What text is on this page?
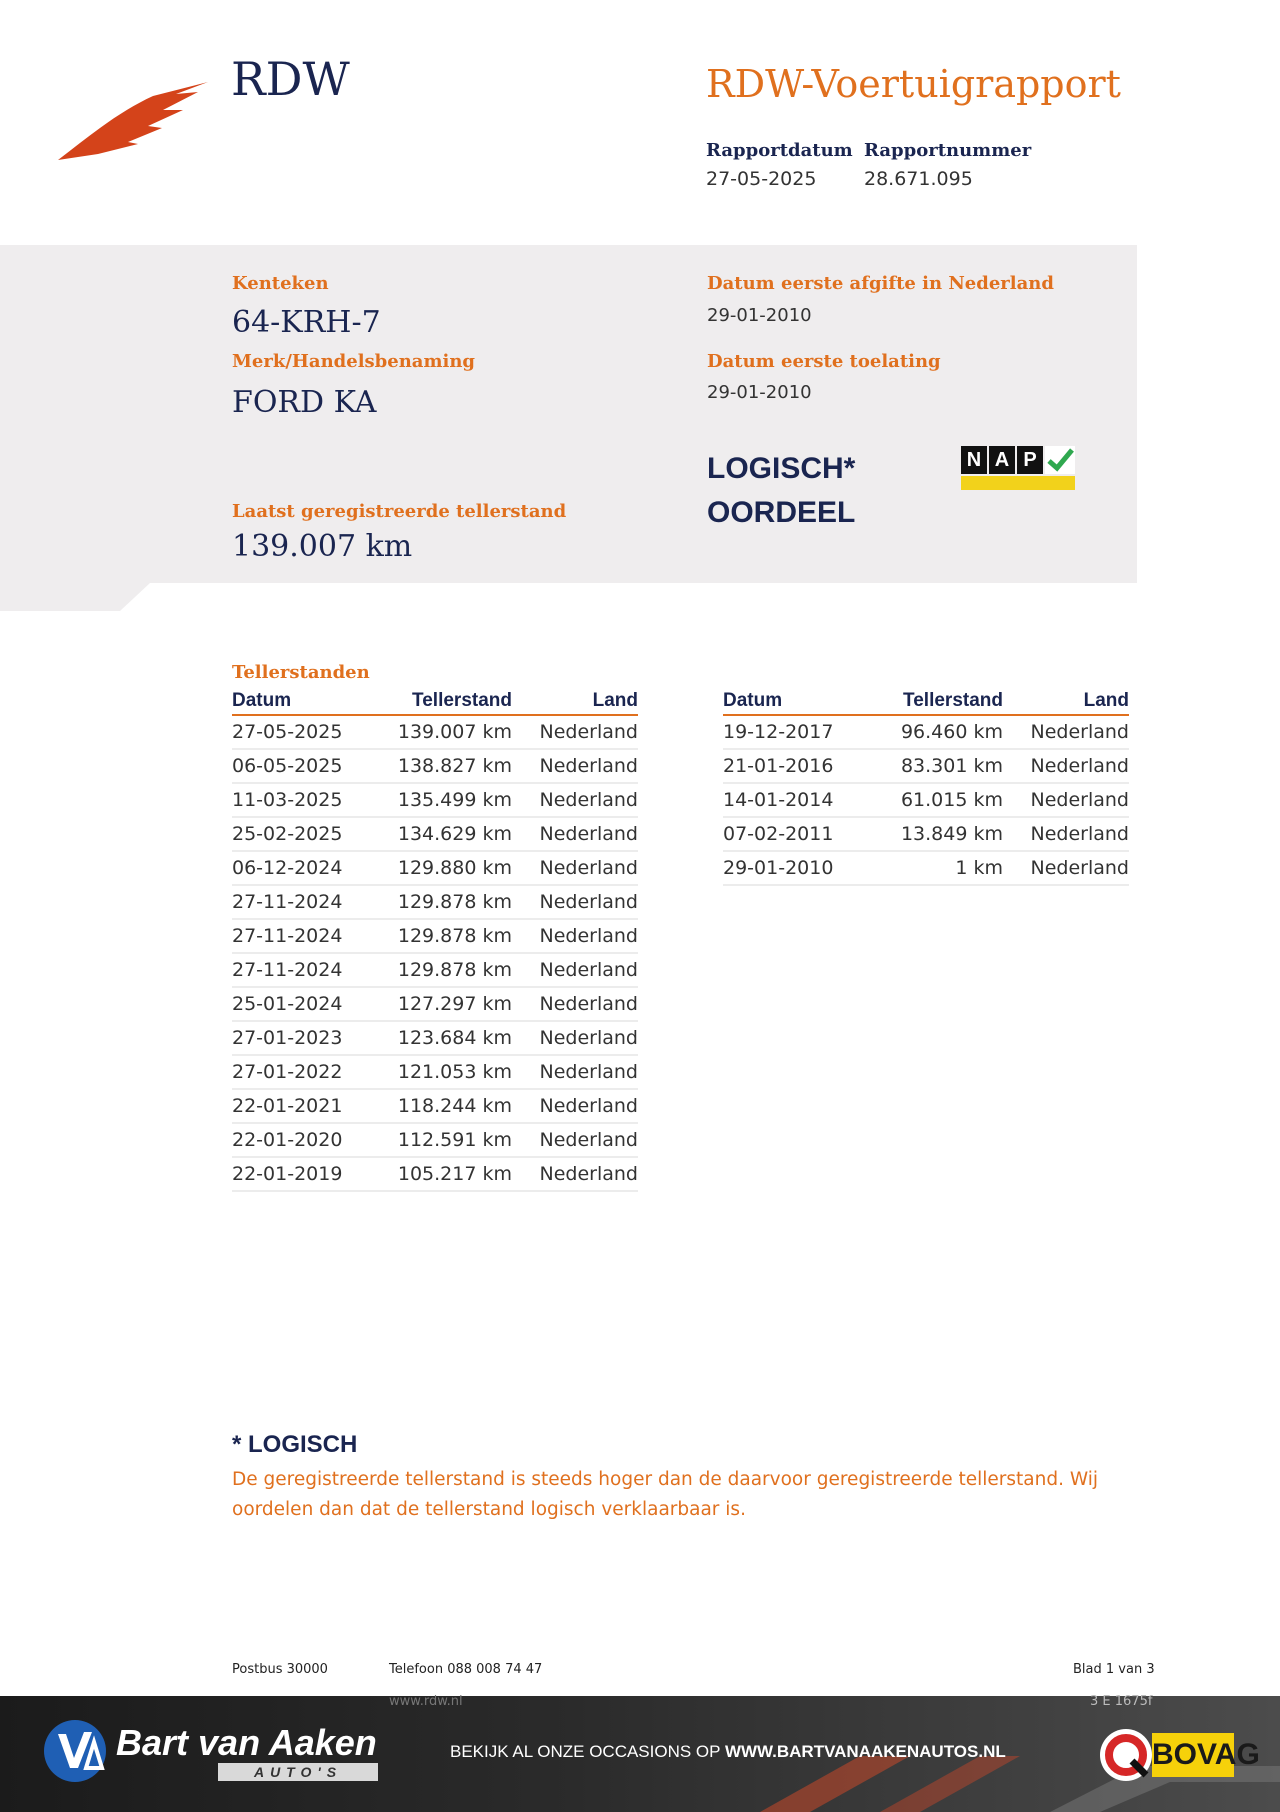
RDW	RDW-Voertuigrapport
Rapportdatum
27-05-2025
Rapportnummer
28.671.095
Kenteken
64-KRH-7
Merk/Handelsbenaming
FORD KA
Laatst geregistreerde tellerstand
139.007 km
Datum eerste afgifte in Nederland
29-01-2010
Datum eerste toelating
29-01-2010
LOGISCH*
OORDEEL
N A P
Tellerstanden
Datum	Tellerstand	Land
27-05-2025	139.007 km	Nederland
06-05-2025	138.827 km	Nederland
11-03-2025	135.499 km	Nederland
25-02-2025	134.629 km	Nederland
06-12-2024	129.880 km	Nederland
27-11-2024	129.878 km	Nederland
27-11-2024	129.878 km	Nederland
27-11-2024	129.878 km	Nederland
25-01-2024	127.297 km	Nederland
27-01-2023	123.684 km	Nederland
27-01-2022	121.053 km	Nederland
22-01-2021	118.244 km	Nederland
22-01-2020	112.591 km	Nederland
22-01-2019	105.217 km	Nederland
Datum	Tellerstand	Land
19-12-2017	96.460 km	Nederland
21-01-2016	83.301 km	Nederland
14-01-2014	61.015 km	Nederland
07-02-2011	13.849 km	Nederland
29-01-2010	1 km	Nederland
* LOGISCH
De geregistreerde tellerstand is steeds hoger dan de daarvoor geregistreerde tellerstand. Wij oordelen dan dat de tellerstand logisch verklaarbaar is.
Postbus 30000	Telefoon 088 008 74 47	Blad 1 van 3
www.rdw.nl	3 E 1675f
Bart van Aaken
AUTO'S
BEKIJK AL ONZE OCCASIONS OP WWW.BARTVANAAKENAUTOS.NL	BOVAG
